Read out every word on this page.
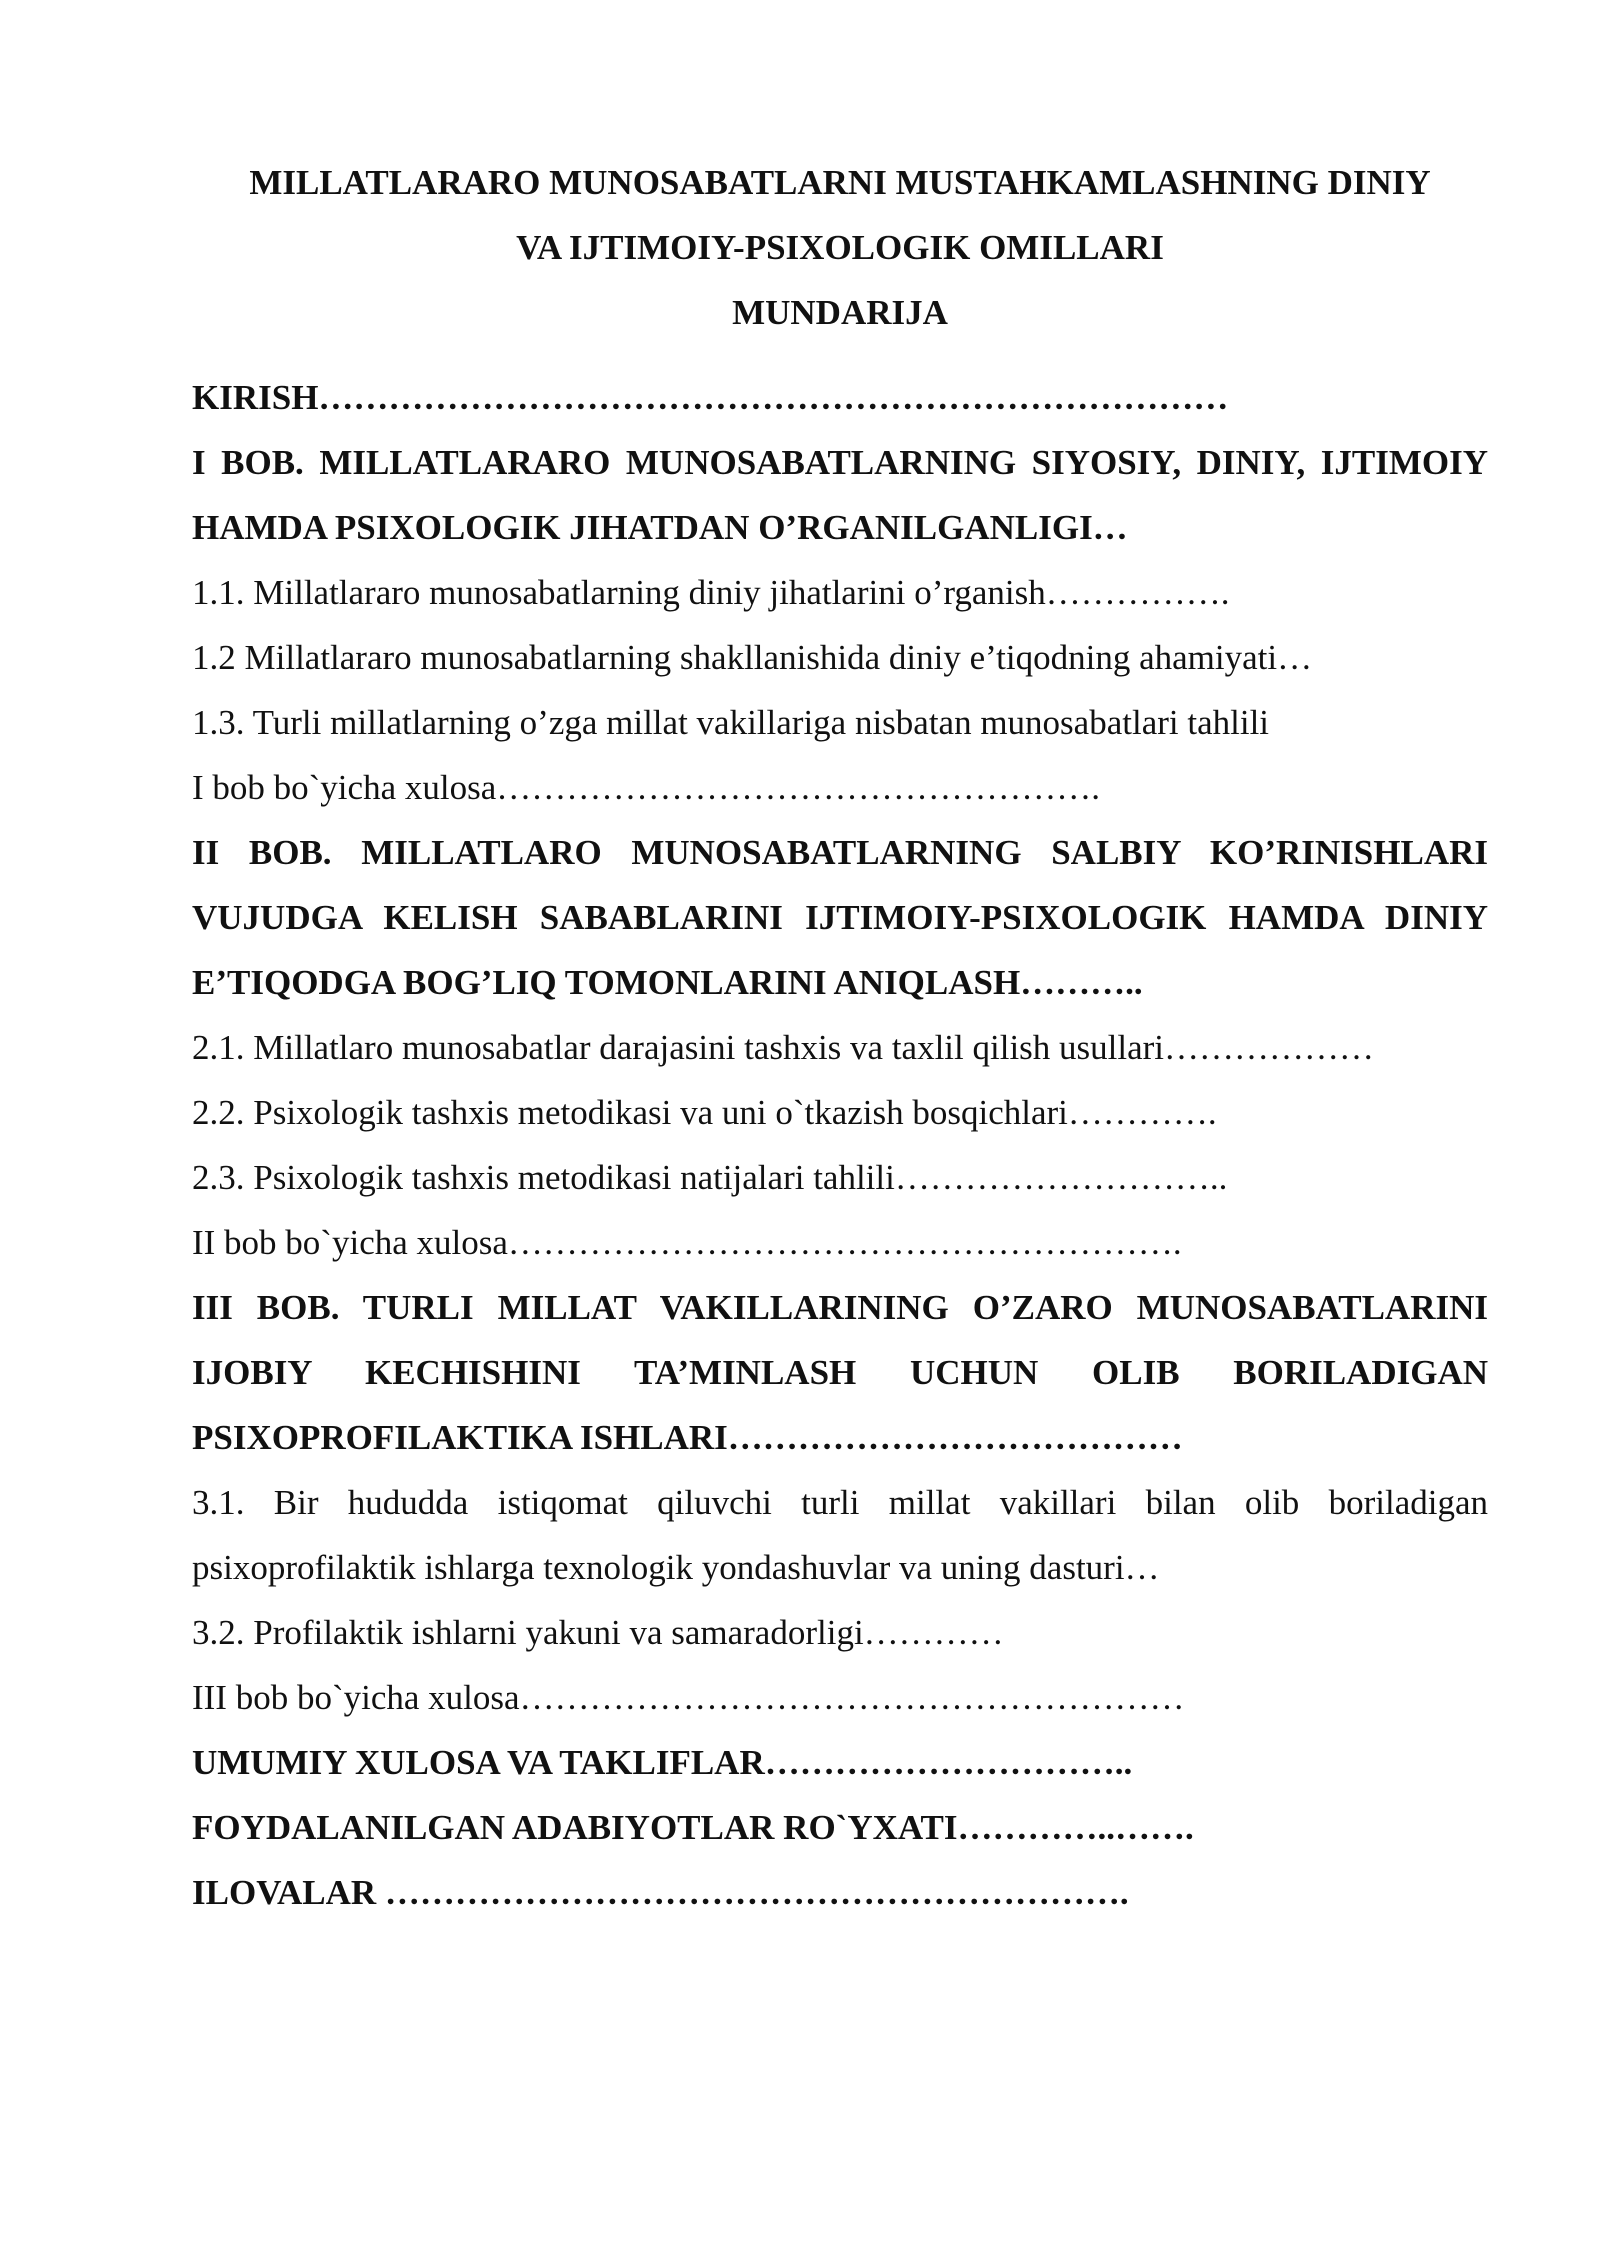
MILLATLARARO MUNOSABATLARNI MUSTAHKAMLASHNING DINIY
VA IJTIMOIY-PSIXOLOGIK OMILLARI
MUNDARIJA
KIRISH……………………………………………………………………
I BOB. MILLATLARARO MUNOSABATLARNING SIYOSIY, DINIY, IJTIMOIY HAMDA PSIXOLOGIK JIHATDAN O’RGANILGANLIGI…
1.1. Millatlararo munosabatlarning diniy jihatlarini o’rganish…………….
1.2 Millatlararo munosabatlarning shakllanishida diniy e’tiqodning ahamiyati…
1.3. Turli millatlarning o’zga millat vakillariga nisbatan munosabatlari tahlili
I bob bo`yicha xulosa…………………………………………….
II BOB. MILLATLARO MUNOSABATLARNING SALBIY KO’RINISHLARI VUJUDGA KELISH SABABLARINI IJTIMOIY-PSIXOLOGIK HAMDA DINIY E’TIQODGA BOG’LIQ TOMONLARINI ANIQLASH………..
2.1. Millatlaro munosabatlar darajasini tashxis va taxlil qilish usullari………………
2.2. Psixologik tashxis metodikasi va uni o`tkazish bosqichlari………….
2.3. Psixologik tashxis metodikasi natijalari tahlili………………………..
II bob bo`yicha xulosa………………………………………………….
III BOB. TURLI MILLAT VAKILLARINING O’ZARO MUNOSABATLARINI IJOBIY KECHISHINI TA’MINLASH UCHUN OLIB BORILADIGAN PSIXOPROFILAKTIKA ISHLARI…………………………………
3.1. Bir hududda istiqomat qiluvchi turli millat vakillari bilan olib boriladigan psixoprofilaktik ishlarga texnologik yondashuvlar va uning dasturi…
3.2. Profilaktik ishlarni yakuni va samaradorligi…………
III bob bo`yicha xulosa…………………………………………………
UMUMIY XULOSA VA TAKLIFLAR…………………………..
FOYDALANILGAN ADABIYOTLAR RO`YXATI…………..…….
ILOVALAR ……………………………………………………….
